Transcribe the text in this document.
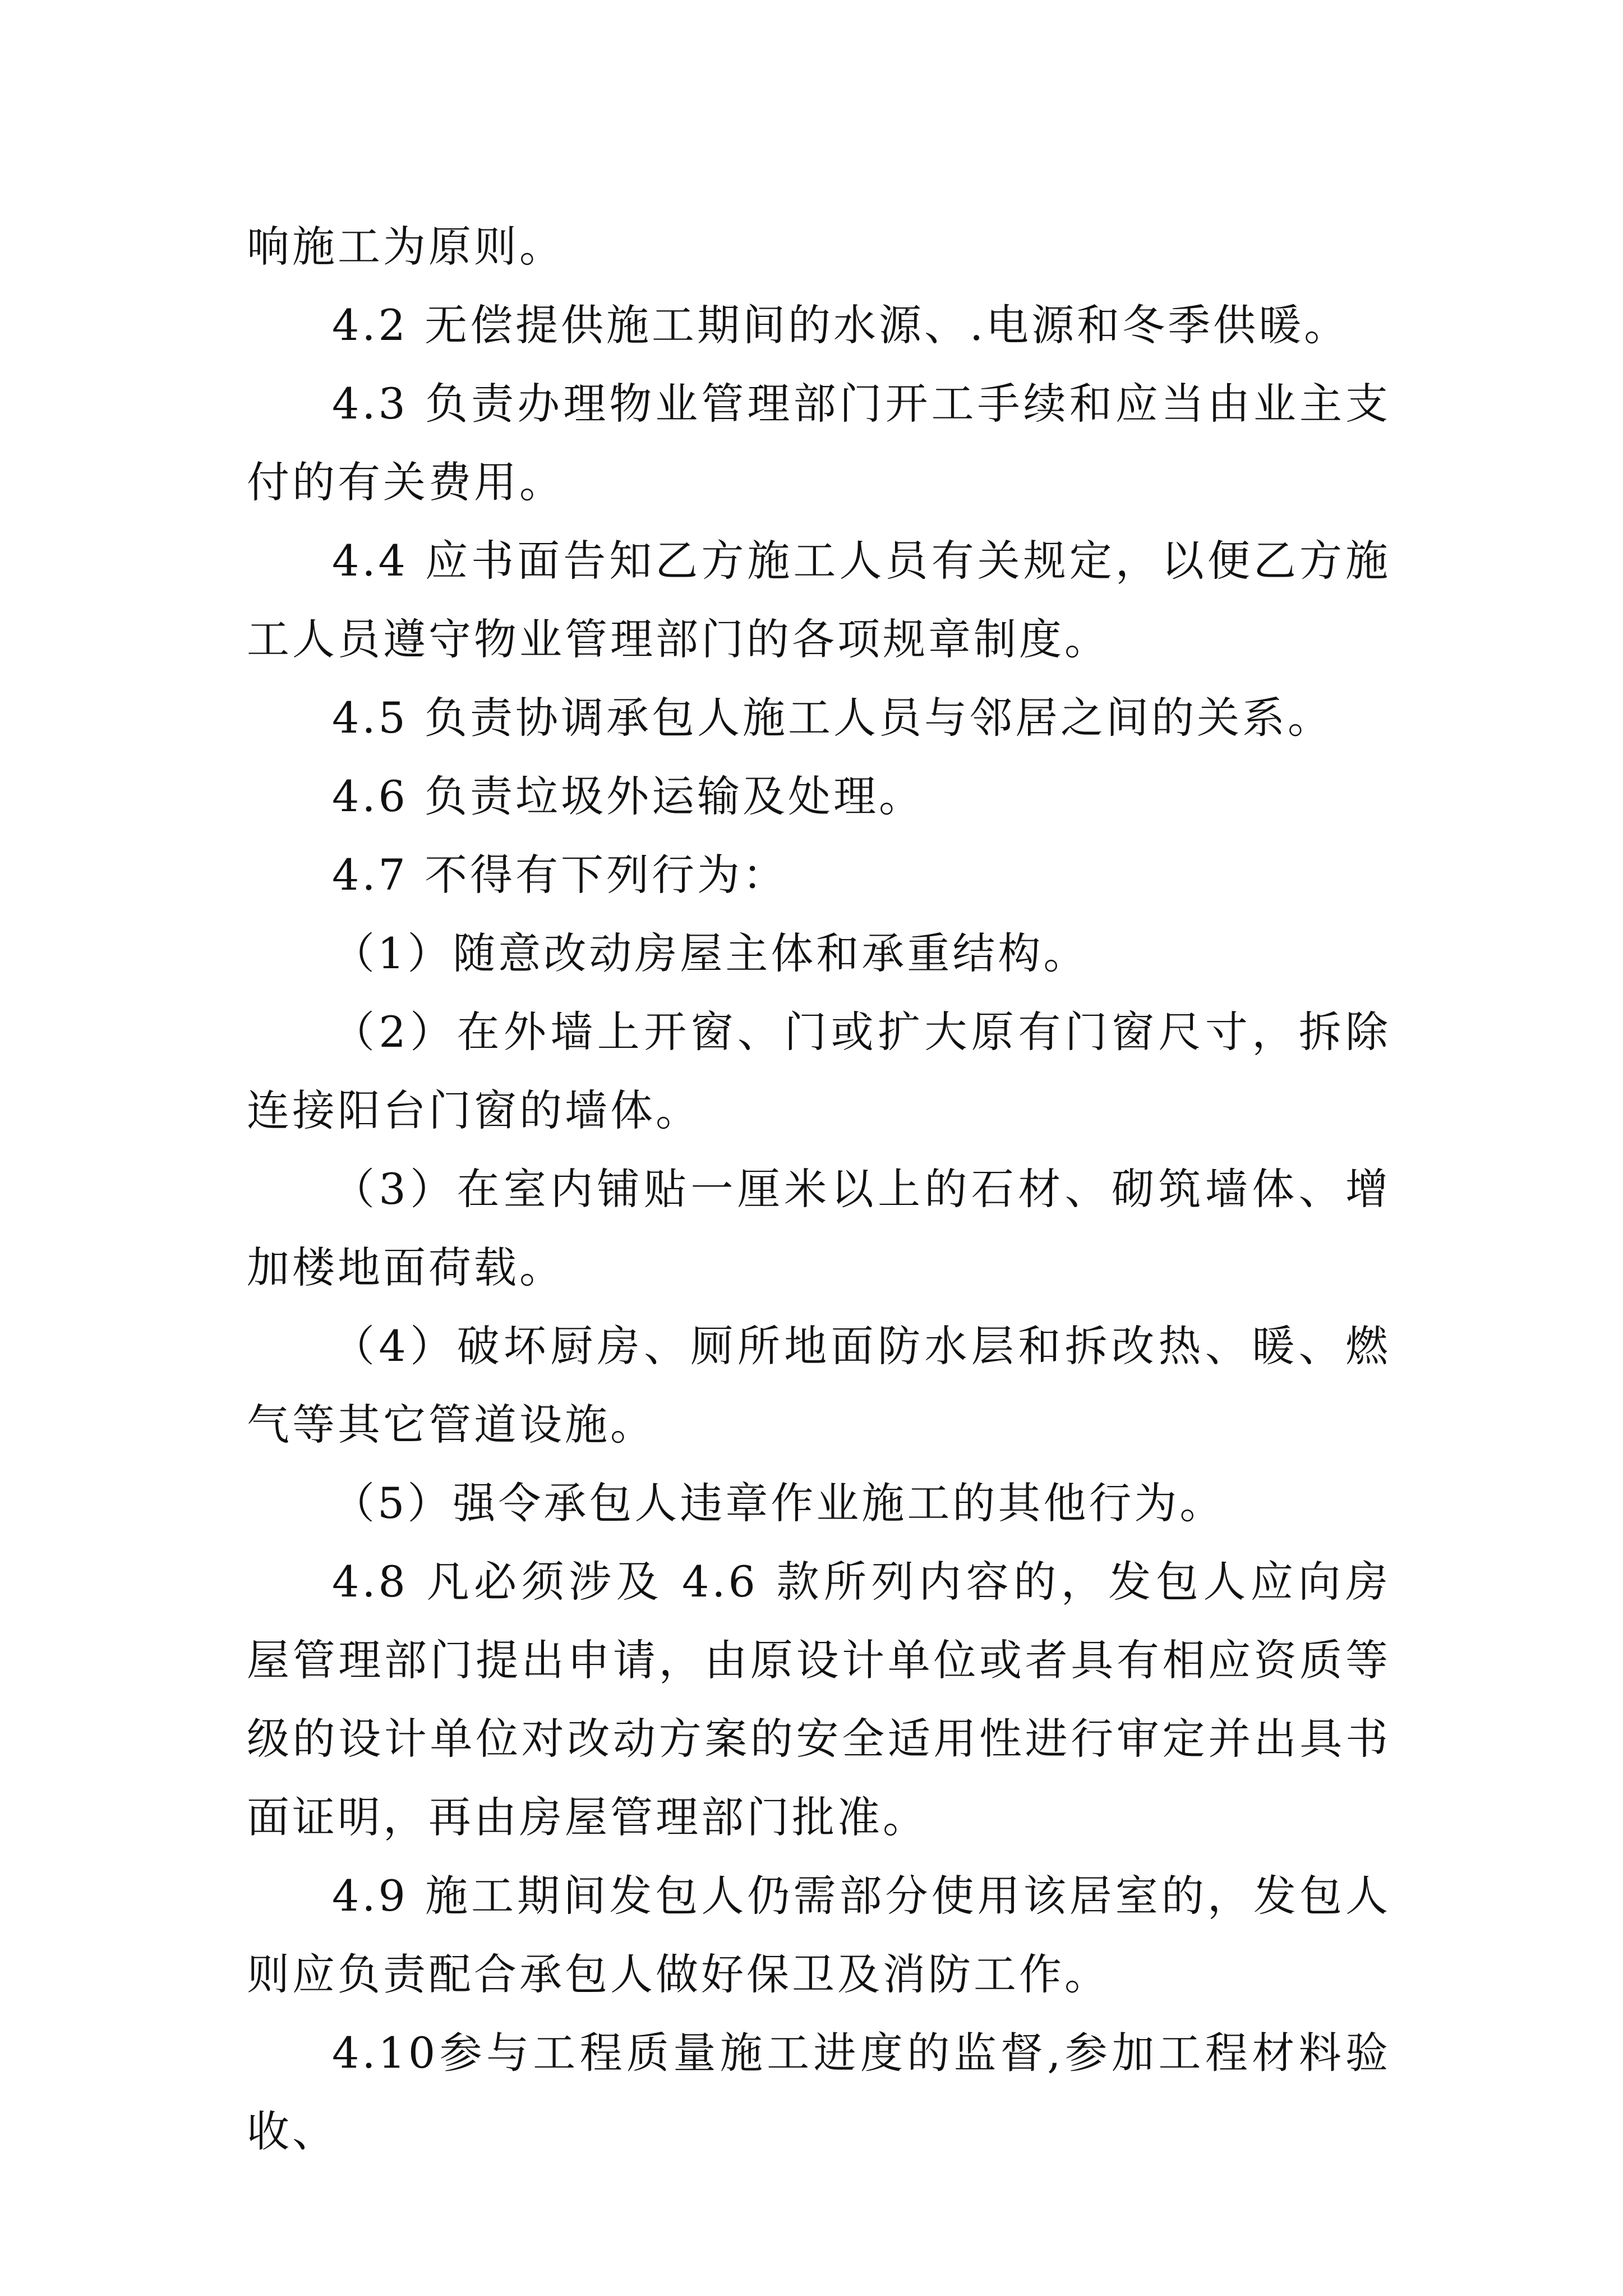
响施工为原则。

4.2 无偿提供施工期间的水源、.电源和冬季供暖。

4.3 负责办理物业管理部门开工手续和应当由业主支付的有关费用。

4.4 应书面告知乙方施工人员有关规定，以便乙方施工人员遵守物业管理部门的各项规章制度。

4.5 负责协调承包人施工人员与邻居之间的关系。

4.6 负责垃圾外运输及处理。

4.7 不得有下列行为：

（1）随意改动房屋主体和承重结构。

（2）在外墙上开窗、门或扩大原有门窗尺寸，拆除连接阳台门窗的墙体。

（3）在室内铺贴一厘米以上的石材、砌筑墙体、增加楼地面荷载。

（4）破坏厨房、厕所地面防水层和拆改热、暖、燃气等其它管道设施。

（5）强令承包人违章作业施工的其他行为。

4.8 凡必须涉及 4.6 款所列内容的，发包人应向房屋管理部门提出申请，由原设计单位或者具有相应资质等级的设计单位对改动方案的安全适用性进行审定并出具书面证明，再由房屋管理部门批准。

4.9 施工期间发包人仍需部分使用该居室的，发包人则应负责配合承包人做好保卫及消防工作。

4.10参与工程质量施工进度的监督,参加工程材料验收、
